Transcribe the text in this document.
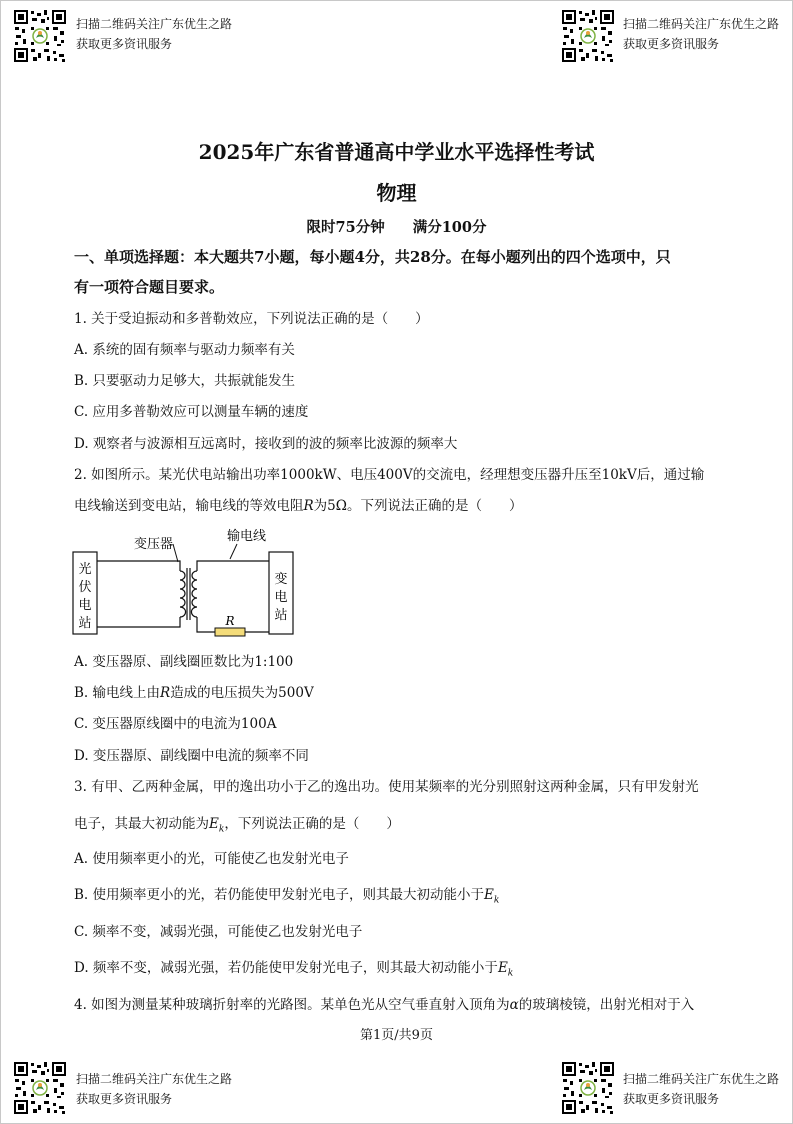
扫描二维码关注广东优生之路
获取更多资讯服务
扫描二维码关注广东优生之路
获取更多资讯服务
2025年广东省普通高中学业水平选择性考试
物理
限时75分钟 满分100分
一、单项选择题：本大题共7小题，每小题4分，共28分。在每小题列出的四个选项中，只
有一项符合题目要求。
1. 关于受迫振动和多普勒效应，下列说法正确的是（　　）
A. 系统的固有频率与驱动力频率有关
B. 只要驱动力足够大，共振就能发生
C. 应用多普勒效应可以测量车辆的速度
D. 观察者与波源相互远离时，接收到的波的频率比波源的频率大
2. 如图所示。某光伏电站输出功率1000kW、电压400V的交流电，经理想变压器升压至10kV后，通过输
电线输送到变电站，输电线的等效电阻R为5Ω。下列说法正确的是（　　）
变压器
输电线
光
伏
电
站
变
电
站
R
A. 变压器原、副线圈匝数比为1:100
B. 输电线上由R造成的电压损失为500V
C. 变压器原线圈中的电流为100A
D. 变压器原、副线圈中电流的频率不同
3. 有甲、乙两种金属，甲的逸出功小于乙的逸出功。使用某频率的光分别照射这两种金属，只有甲发射光
电子，其最大初动能为$E_k$，下列说法正确的是（　　）
A. 使用频率更小的光，可能使乙也发射光电子
B. 使用频率更小的光，若仍能使甲发射光电子，则其最大初动能小于$E_k$
C. 频率不变，减弱光强，可能使乙也发射光电子
D. 频率不变，减弱光强，若仍能使甲发射光电子，则其最大初动能小于$E_k$
4. 如图为测量某种玻璃折射率的光路图。某单色光从空气垂直射入顶角为α的玻璃棱镜，出射光相对于入
第1页/共9页
扫描二维码关注广东优生之路
获取更多资讯服务
扫描二维码关注广东优生之路
获取更多资讯服务
